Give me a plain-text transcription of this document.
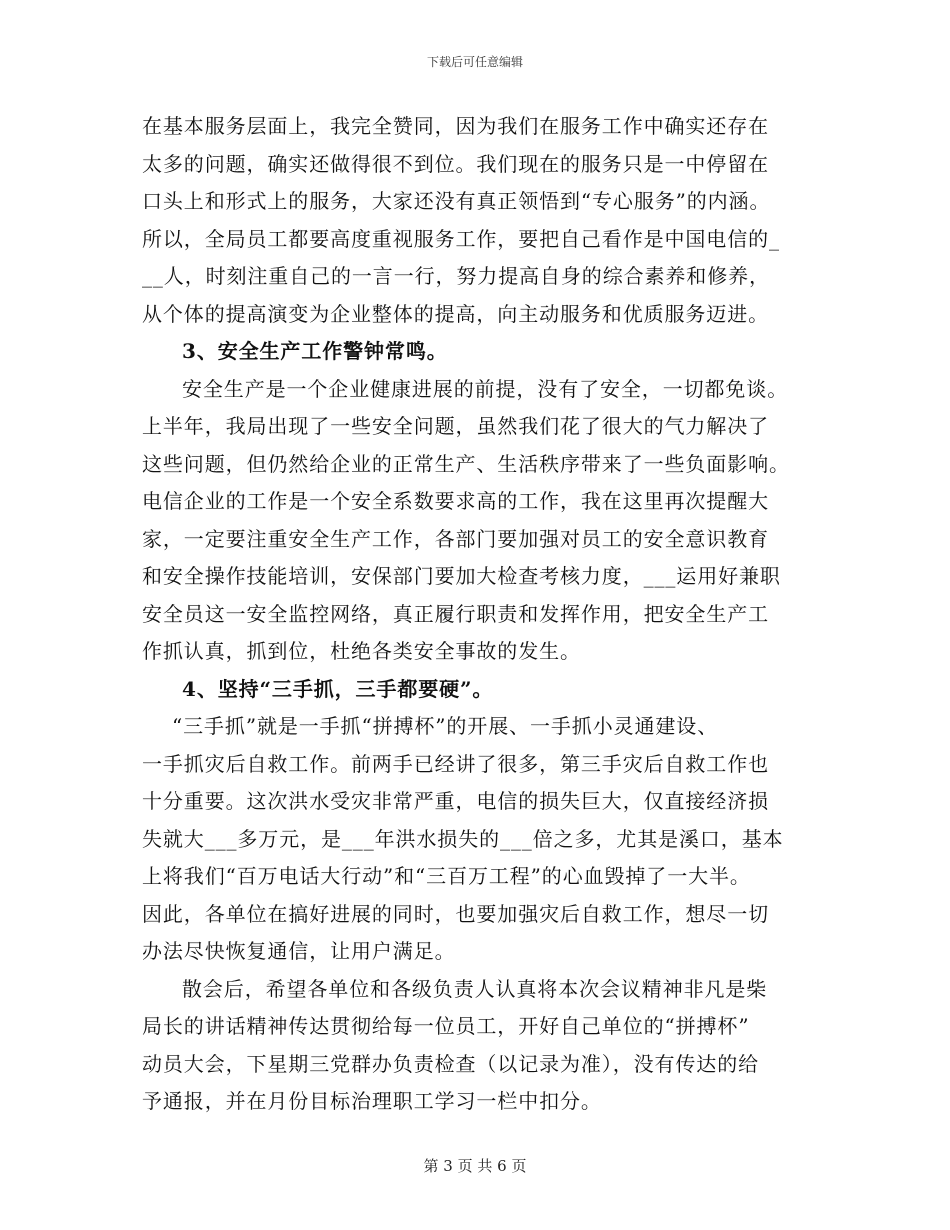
下载后可任意编辑
在基本服务层面上，我完全赞同，因为我们在服务工作中确实还存在
太多的问题，确实还做得很不到位。我们现在的服务只是一中停留在
口头上和形式上的服务，大家还没有真正领悟到“专心服务”的内涵。
所以，全局员工都要高度重视服务工作，要把自己看作是中国电信的_
__人，时刻注重自己的一言一行，努力提高自身的综合素养和修养，
从个体的提高演变为企业整体的提高，向主动服务和优质服务迈进。
3、安全生产工作警钟常鸣。
安全生产是一个企业健康进展的前提，没有了安全，一切都免谈。
上半年，我局出现了一些安全问题，虽然我们花了很大的气力解决了
这些问题，但仍然给企业的正常生产、生活秩序带来了一些负面影响。
电信企业的工作是一个安全系数要求高的工作，我在这里再次提醒大
家，一定要注重安全生产工作，各部门要加强对员工的安全意识教育
和安全操作技能培训，安保部门要加大检查考核力度，___运用好兼职
安全员这一安全监控网络，真正履行职责和发挥作用，把安全生产工
作抓认真，抓到位，杜绝各类安全事故的发生。
4、坚持“三手抓，三手都要硬”。
“三手抓”就是一手抓“拼搏杯”的开展、一手抓小灵通建设、
一手抓灾后自救工作。前两手已经讲了很多，第三手灾后自救工作也
十分重要。这次洪水受灾非常严重，电信的损失巨大，仅直接经济损
失就大___多万元，是___年洪水损失的___倍之多，尤其是溪口，基本
上将我们“百万电话大行动”和“三百万工程”的心血毁掉了一大半。
因此，各单位在搞好进展的同时，也要加强灾后自救工作，想尽一切
办法尽快恢复通信，让用户满足。
散会后，希望各单位和各级负责人认真将本次会议精神非凡是柴
局长的讲话精神传达贯彻给每一位员工，开好自己单位的“拼搏杯”
动员大会，下星期三党群办负责检查（以记录为准），没有传达的给
予通报，并在月份目标治理职工学习一栏中扣分。
第 3 页 共 6 页
